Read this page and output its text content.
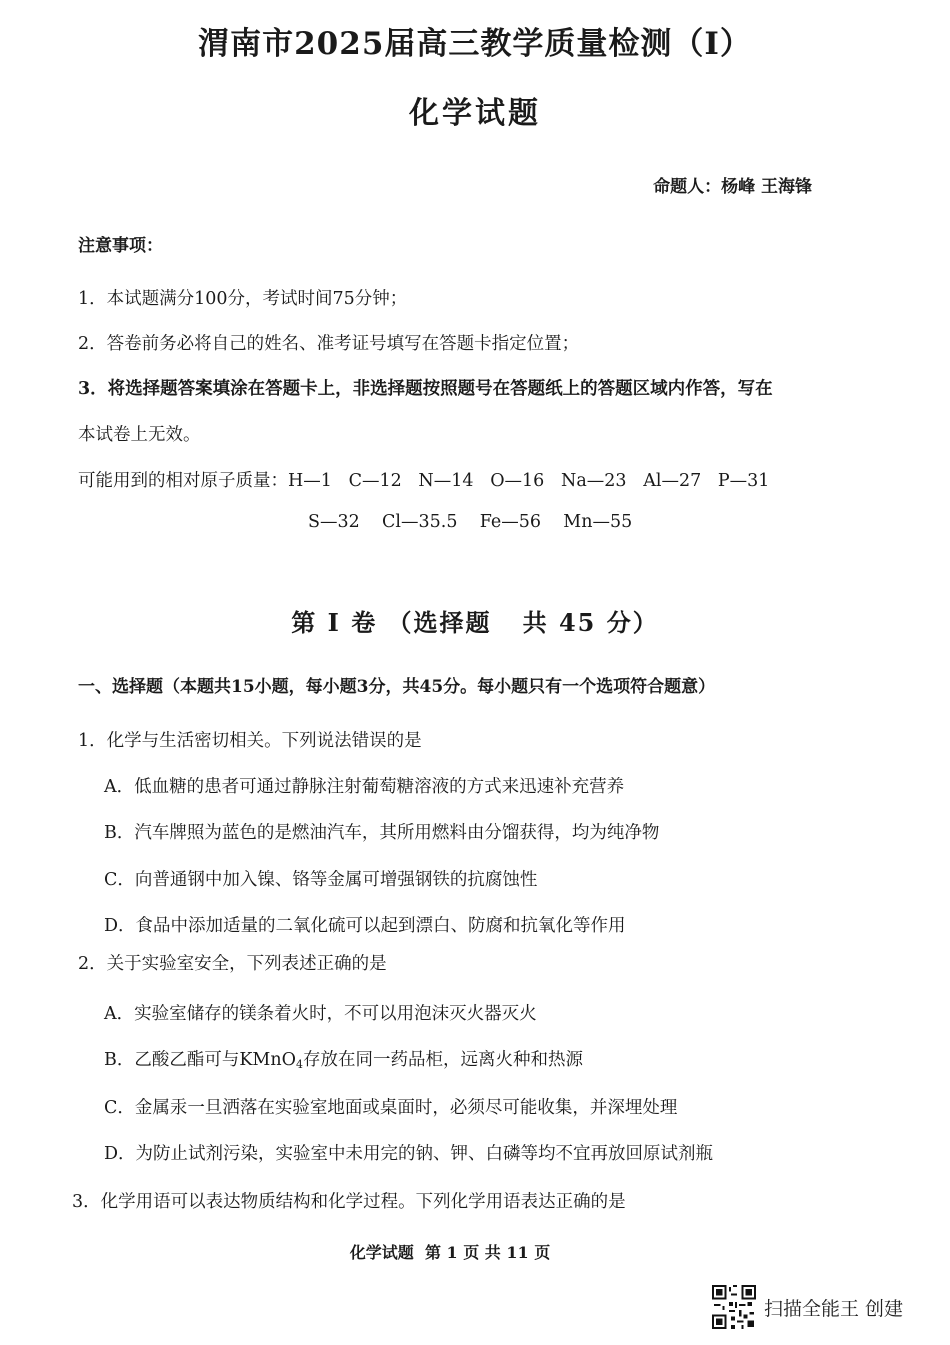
渭南市2025届高三教学质量检测（I）
化学试题
命题人：杨峰 王海锋
注意事项：
1．本试题满分100分，考试时间75分钟；
2．答卷前务必将自己的姓名、准考证号填写在答题卡指定位置；
3．将选择题答案填涂在答题卡上，非选择题按照题号在答题纸上的答题区域内作答，写在
本试卷上无效。
可能用到的相对原子质量：H—1   C—12   N—14   O—16   Na—23   Al—27   P—31
S—32    Cl—35.5    Fe—56    Mn—55
第 I 卷 （选择题   共 45 分）
一、选择题（本题共15小题，每小题3分，共45分。每小题只有一个选项符合题意）
1．化学与生活密切相关。下列说法错误的是
A．低血糖的患者可通过静脉注射葡萄糖溶液的方式来迅速补充营养
B．汽车牌照为蓝色的是燃油汽车，其所用燃料由分馏获得，均为纯净物
C．向普通钢中加入镍、铬等金属可增强钢铁的抗腐蚀性
D．食品中添加适量的二氧化硫可以起到漂白、防腐和抗氧化等作用
2．关于实验室安全，下列表述正确的是
A．实验室储存的镁条着火时，不可以用泡沫灭火器灭火
B．乙酸乙酯可与KMnO$_4$存放在同一药品柜，远离火种和热源
C．金属汞一旦洒落在实验室地面或桌面时，必须尽可能收集，并深埋处理
D．为防止试剂污染，实验室中未用完的钠、钾、白磷等均不宜再放回原试剂瓶
3．化学用语可以表达物质结构和化学过程。下列化学用语表达正确的是
化学试题  第 1 页 共 11 页
扫描全能王 创建
